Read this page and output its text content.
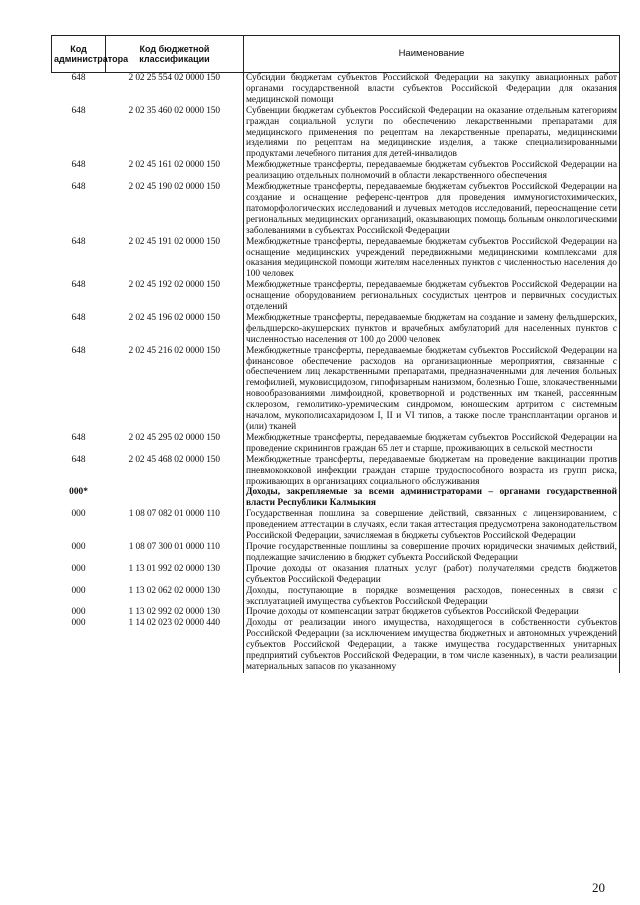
Код администратора	Код бюджетной классификации	Наименование
648	2 02 25 554 02 0000 150	Субсидии бюджетам субъектов Российской Федерации на закупку авиационных работ органами государственной власти субъектов Российской Федерации для оказания медицинской помощи
648	2 02 35 460 02 0000 150	Субвенции бюджетам субъектов Российской Федерации на оказание отдельным категориям граждан социальной услуги по обеспечению лекарственными препаратами для медицинского применения по рецептам на лекарственные препараты, медицинскими изделиями по рецептам на медицинские изделия, а также специализированными продуктами лечебного питания для детей-инвалидов
648	2 02 45 161 02 0000 150	Межбюджетные трансферты, передаваемые бюджетам субъектов Российской Федерации на реализацию отдельных полномочий в области лекарственного обеспечения
648	2 02 45 190 02 0000 150	Межбюджетные трансферты, передаваемые бюджетам субъектов Российской Федерации на создание и оснащение референс-центров для проведения иммуногистохимических, патоморфологических исследований и лучевых методов исследований, переоснащение сети региональных медицинских организаций, оказывающих помощь больным онкологическими заболеваниями в субъектах Российской Федерации
648	2 02 45 191 02 0000 150	Межбюджетные трансферты, передаваемые бюджетам субъектов Российской Федерации на оснащение медицинских учреждений передвижными медицинскими комплексами для оказания медицинской помощи жителям населенных пунктов с численностью населения до 100 человек
648	2 02 45 192 02 0000 150	Межбюджетные трансферты, передаваемые бюджетам субъектов Российской Федерации на оснащение оборудованием региональных сосудистых центров и первичных сосудистых отделений
648	2 02 45 196 02 0000 150	Межбюджетные трансферты, передаваемые бюджетам на создание и замену фельдшерских, фельдшерско-акушерских пунктов и врачебных амбулаторий для населенных пунктов с численностью населения от 100 до 2000 человек
648	2 02 45 216 02 0000 150	Межбюджетные трансферты, передаваемые бюджетам субъектов Российской Федерации на финансовое обеспечение расходов на организационные мероприятия, связанные с обеспечением лиц лекарственными препаратами, предназначенными для лечения больных гемофилией, муковисцидозом, гипофизарным нанизмом, болезнью Гоше, злокачественными новообразованиями лимфоидной, кроветворной и родственных им тканей, рассеянным склерозом, гемолитико-уремическим синдромом, юношеским артритом с системным началом, мукополисахаридозом I, II и VI типов, а также после трансплантации органов и (или) тканей
648	2 02 45 295 02 0000 150	Межбюджетные трансферты, передаваемые бюджетам субъектов Российской Федерации на проведение скринингов граждан 65 лет и старше, проживающих в сельской местности
648	2 02 45 468 02 0000 150	Межбюджетные трансферты, передаваемые бюджетам на проведение вакцинации против пневмококковой инфекции граждан старше трудоспособного возраста из групп риска, проживающих в организациях социального обслуживания
000*		Доходы, закрепляемые за всеми администраторами – органами государственной власти Республики Калмыкия
000	1 08 07 082 01 0000 110	Государственная пошлина за совершение действий, связанных с лицензированием, с проведением аттестации в случаях, если такая аттестация предусмотрена законодательством Российской Федерации, зачисляемая в бюджеты субъектов Российской Федерации
000	1 08 07 300 01 0000 110	Прочие государственные пошлины за совершение прочих юридически значимых действий, подлежащие зачислению в бюджет субъекта Российской Федерации
000	1 13 01 992 02 0000 130	Прочие доходы от оказания платных услуг (работ) получателями средств бюджетов субъектов Российской Федерации
000	1 13 02 062 02 0000 130	Доходы, поступающие в порядке возмещения расходов, понесенных в связи с эксплуатацией имущества субъектов Российской Федерации
000	1 13 02 992 02 0000 130	Прочие доходы от компенсации затрат бюджетов субъектов Российской Федерации
000	1 14 02 023 02 0000 440	Доходы от реализации иного имущества, находящегося в собственности субъектов Российской Федерации (за исключением имущества бюджетных и автономных учреждений субъектов Российской Федерации, а также имущества государственных унитарных предприятий субъектов Российской Федерации, в том числе казенных), в части реализации материальных запасов по указанному
20
